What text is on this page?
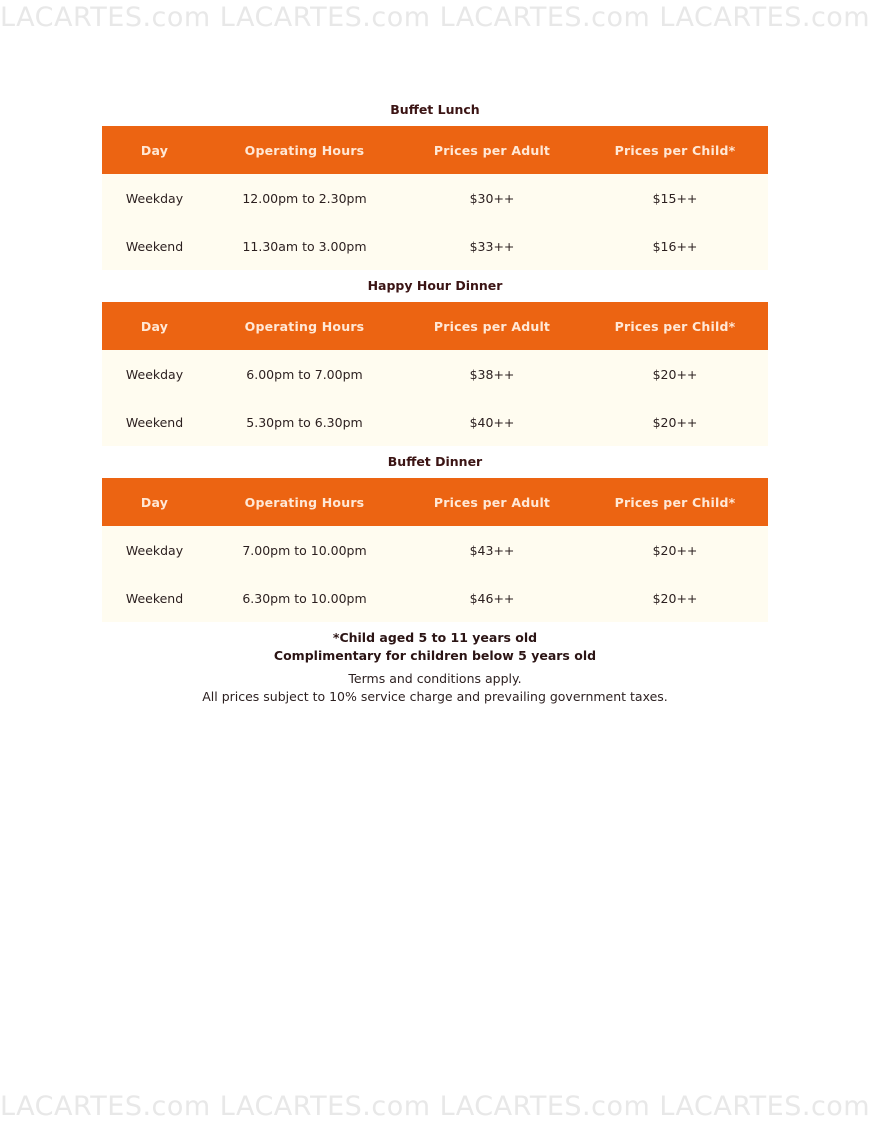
LACARTES.com LACARTES.com LACARTES.com LACARTES.com
Buffet Lunch
Day	Operating Hours	Prices per Adult	Prices per Child*
Weekday	12.00pm to 2.30pm	$30++	$15++
Weekend	11.30am to 3.00pm	$33++	$16++
Happy Hour Dinner
Day	Operating Hours	Prices per Adult	Prices per Child*
Weekday	6.00pm to 7.00pm	$38++	$20++
Weekend	5.30pm to 6.30pm	$40++	$20++
Buffet Dinner
Day	Operating Hours	Prices per Adult	Prices per Child*
Weekday	7.00pm to 10.00pm	$43++	$20++
Weekend	6.30pm to 10.00pm	$46++	$20++
*Child aged 5 to 11 years old
Complimentary for children below 5 years old
Terms and conditions apply.
All prices subject to 10% service charge and prevailing government taxes.
LACARTES.com LACARTES.com LACARTES.com LACARTES.com
